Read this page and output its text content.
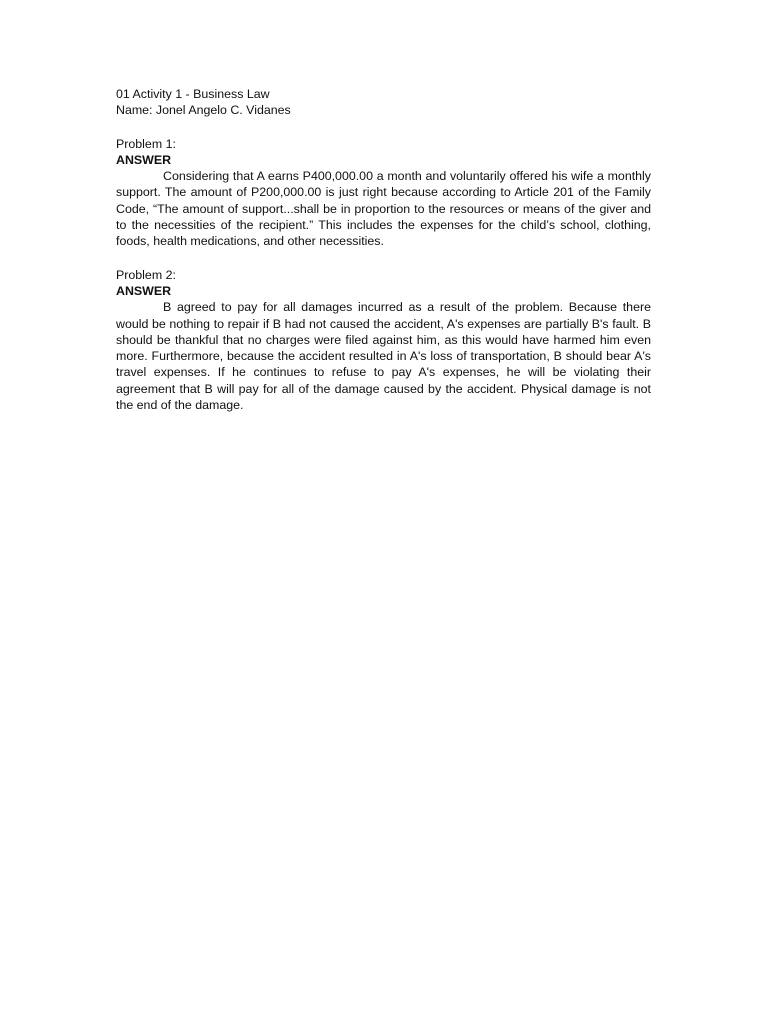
01 Activity 1 - Business Law
Name: Jonel Angelo C. Vidanes
Problem 1:
ANSWER

Considering that A earns P400,000.00 a month and voluntarily offered his wife a monthly support. The amount of P200,000.00 is just right because according to Article 201 of the Family Code, “The amount of support...shall be in proportion to the resources or means of the giver and to the necessities of the recipient.” This includes the expenses for the child’s school, clothing, foods, health medications, and other necessities.

Problem 2:
ANSWER

B agreed to pay for all damages incurred as a result of the problem. Because there would be nothing to repair if B had not caused the accident, A's expenses are partially B's fault. B should be thankful that no charges were filed against him, as this would have harmed him even more. Furthermore, because the accident resulted in A's loss of transportation, B should bear A's travel expenses. If he continues to refuse to pay A's expenses, he will be violating their agreement that B will pay for all of the damage caused by the accident. Physical damage is not the end of the damage.
